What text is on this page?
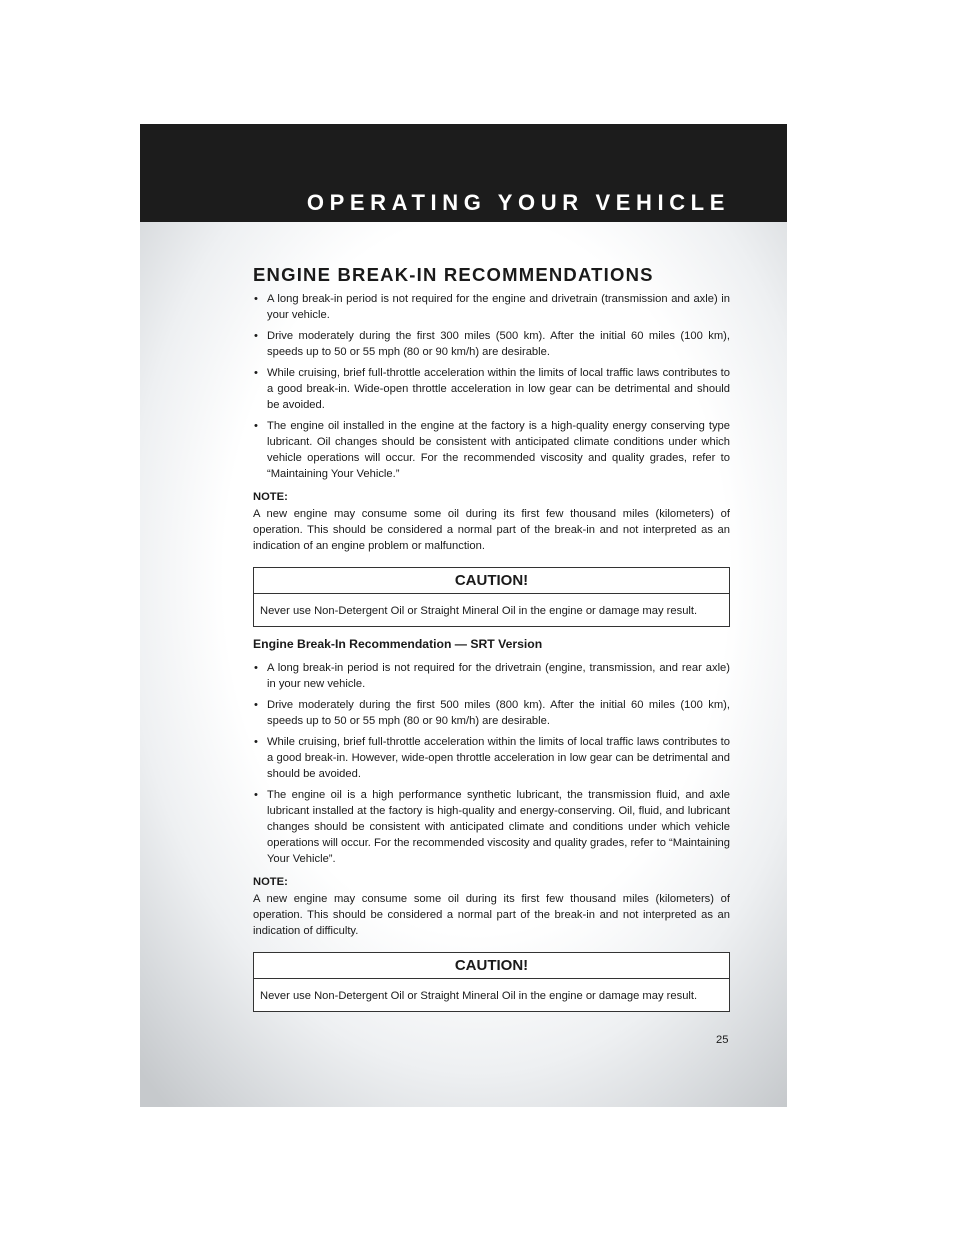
OPERATING YOUR VEHICLE
ENGINE BREAK-IN RECOMMENDATIONS
• A long break-in period is not required for the engine and drivetrain (transmission and axle) in your vehicle.
• Drive moderately during the first 300 miles (500 km). After the initial 60 miles (100 km), speeds up to 50 or 55 mph (80 or 90 km/h) are desirable.
• While cruising, brief full-throttle acceleration within the limits of local traffic laws contributes to a good break-in. Wide-open throttle acceleration in low gear can be detrimental and should be avoided.
• The engine oil installed in the engine at the factory is a high-quality energy conserving type lubricant. Oil changes should be consistent with anticipated climate conditions under which vehicle operations will occur. For the recommended viscosity and quality grades, refer to “Maintaining Your Vehicle.”

NOTE:

A new engine may consume some oil during its first few thousand miles (kilometers) of operation. This should be considered a normal part of the break-in and not interpreted as an indication of an engine problem or malfunction.

CAUTION!
Never use Non-Detergent Oil or Straight Mineral Oil in the engine or damage may result.
Engine Break-In Recommendation — SRT Version
• A long break-in period is not required for the drivetrain (engine, transmission, and rear axle) in your new vehicle.
• Drive moderately during the first 500 miles (800 km). After the initial 60 miles (100 km), speeds up to 50 or 55 mph (80 or 90 km/h) are desirable.
• While cruising, brief full-throttle acceleration within the limits of local traffic laws contributes to a good break-in. However, wide-open throttle acceleration in low gear can be detrimental and should be avoided.
• The engine oil is a high performance synthetic lubricant, the transmission fluid, and axle lubricant installed at the factory is high-quality and energy-conserving. Oil, fluid, and lubricant changes should be consistent with anticipated climate and conditions under which vehicle operations will occur. For the recommended viscosity and quality grades, refer to “Maintaining Your Vehicle”.

NOTE:

A new engine may consume some oil during its first few thousand miles (kilometers) of operation. This should be considered a normal part of the break-in and not interpreted as an indication of difficulty.

CAUTION!
Never use Non-Detergent Oil or Straight Mineral Oil in the engine or damage may result.
25
